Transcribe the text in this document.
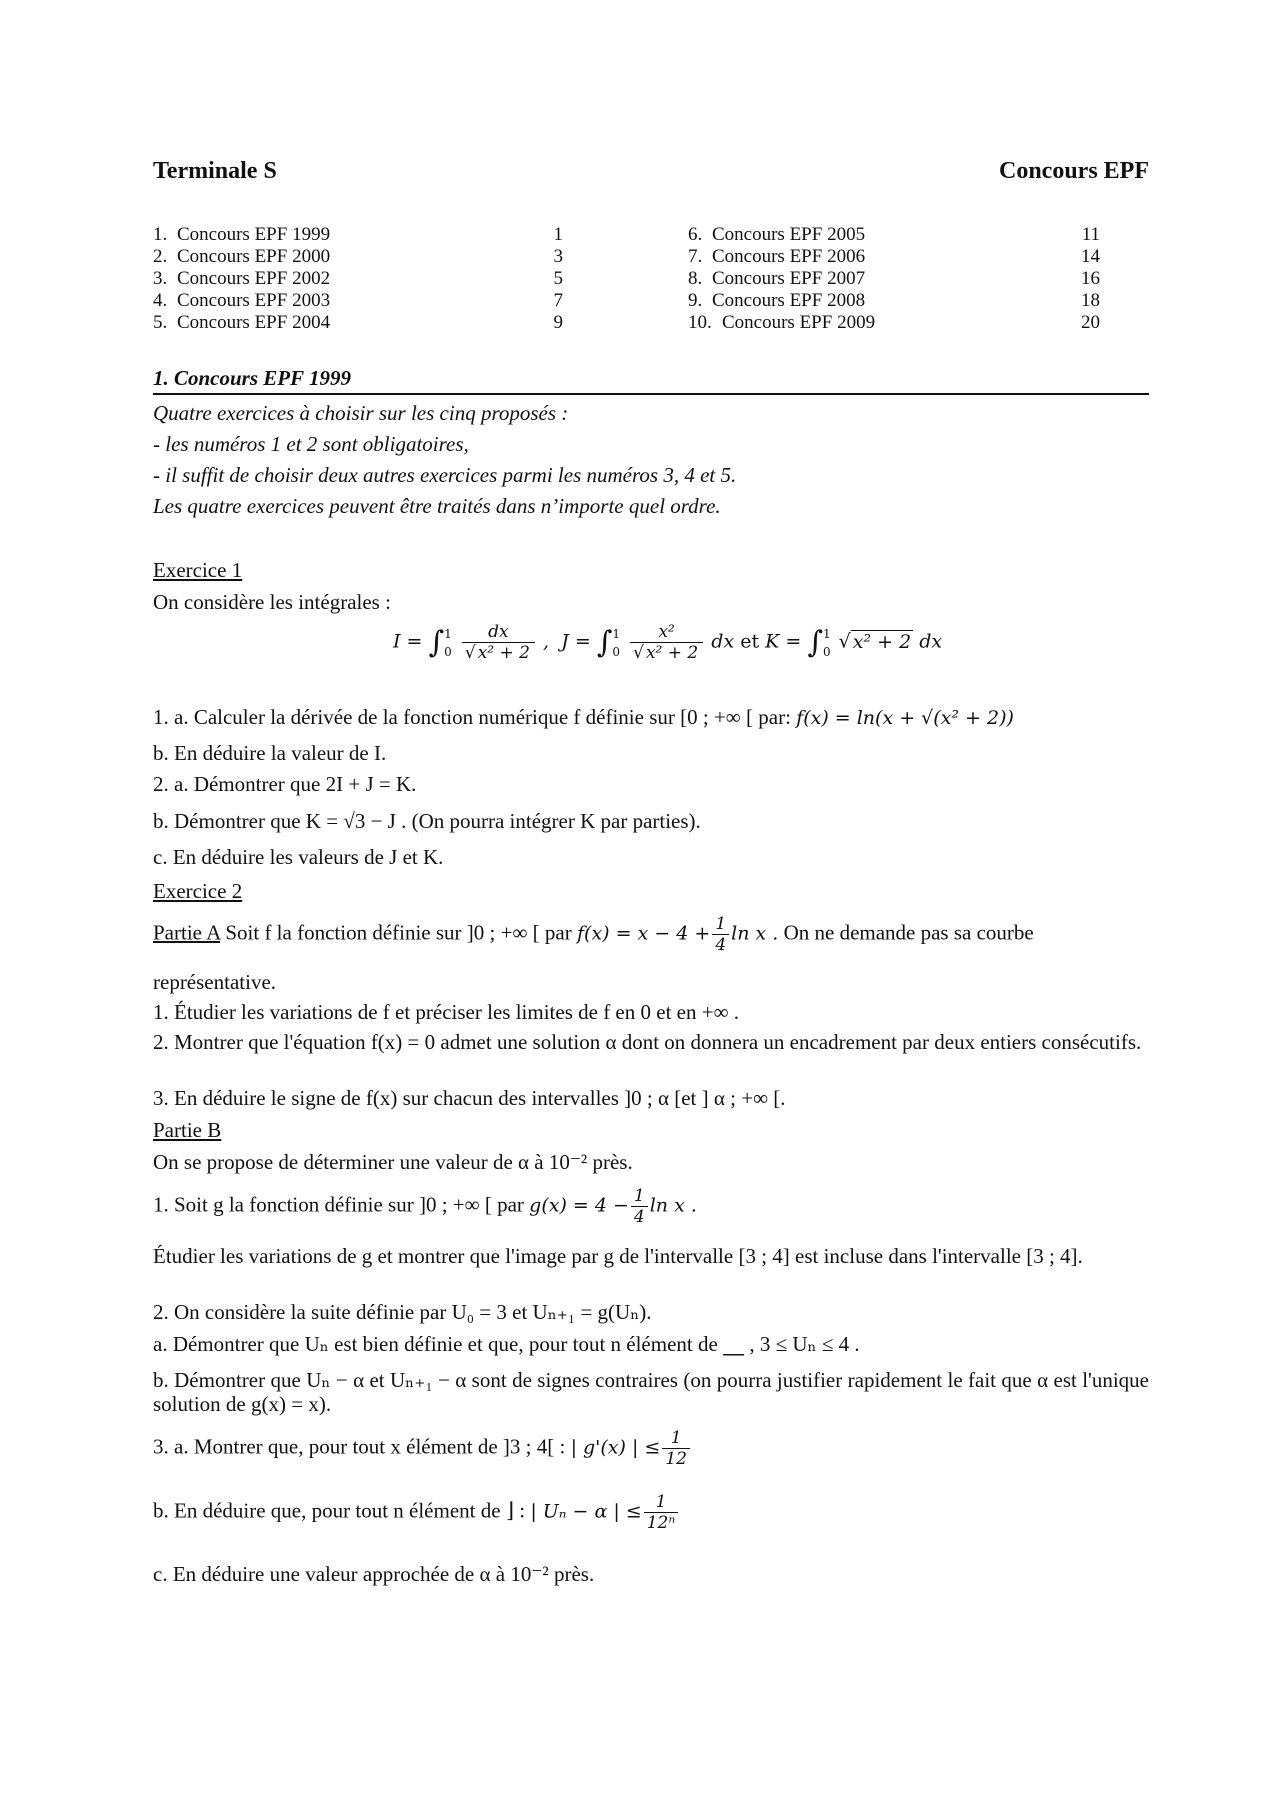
Terminale S	Concours EPF
1. Concours EPF 1999	1
2. Concours EPF 2000	3
3. Concours EPF 2002	5
4. Concours EPF 2003	7
5. Concours EPF 2004	9
6. Concours EPF 2005	11
7. Concours EPF 2006	14
8. Concours EPF 2007	16
9. Concours EPF 2008	18
10. Concours EPF 2009	20
1. Concours EPF 1999
Quatre exercices à choisir sur les cinq proposés :
- les numéros 1 et 2 sont obligatoires,
- il suffit de choisir deux autres exercices parmi les numéros 3, 4 et 5.
Les quatre exercices peuvent être traités dans n’importe quel ordre.
Exercice 1
On considère les intégrales :
I = ∫ 1
0
$\frac{dx}{\text{√ x² + 2}}$ , J = ∫ 1
0
$\frac{\text{x²}}{\text{√ x² + 2}}$ dx et K = ∫ 1
0 √ x² + 2 dx
1. a. Calculer la dérivée de la fonction numérique f définie sur [0 ; +∞ [ par: f(x) = ln(x + √(x² + 2))
b. En déduire la valeur de I.
2. a. Démontrer que 2I + J = K.
b. Démontrer que K = √3 − J . (On pourra intégrer K par parties).
c. En déduire les valeurs de J et K.
Exercice 2
Partie A Soit f la fonction définie sur ]0 ; +∞ [ par $f(x) = x - 4 + \frac{1}{4}$ ln x . On ne demande pas sa courbe
représentative.
1. Étudier les variations de f et préciser les limites de f en 0 et en +∞ .
2. Montrer que l'équation f(x) = 0 admet une solution α dont on donnera un encadrement par deux entiers consécutifs.
3. En déduire le signe de f(x) sur chacun des intervalles ]0 ; α [et ] α ; +∞ [.
Partie B
On se propose de déterminer une valeur de α à 10⁻² près.
1. Soit g la fonction définie sur ]0 ; +∞ [ par $g(x) = 4 - \frac{1}{4}$ ln x .
Étudier les variations de g et montrer que l'image par g de l'intervalle [3 ; 4] est incluse dans l'intervalle [3 ; 4].
2. On considère la suite définie par U₀ = 3 et Uₙ₊₁ = g(Uₙ).
a. Démontrer que Uₙ est bien définie et que, pour tout n élément de ⎽ , 3 ≤ Uₙ ≤ 4 .
b. Démontrer que Uₙ − α et Uₙ₊₁ − α sont de signes contraires (on pourra justifier rapidement le fait que α est l'unique solution de g(x) = x).
3. a. Montrer que, pour tout x élément de ]3 ; 4[ : | g'(x) | ≤ $\frac{1}{12}$
b. En déduire que, pour tout n élément de ⌋ : | Uₙ − α | ≤ $\frac{1}{\text{12ⁿ}}$
c. En déduire une valeur approchée de α à 10⁻² près.
